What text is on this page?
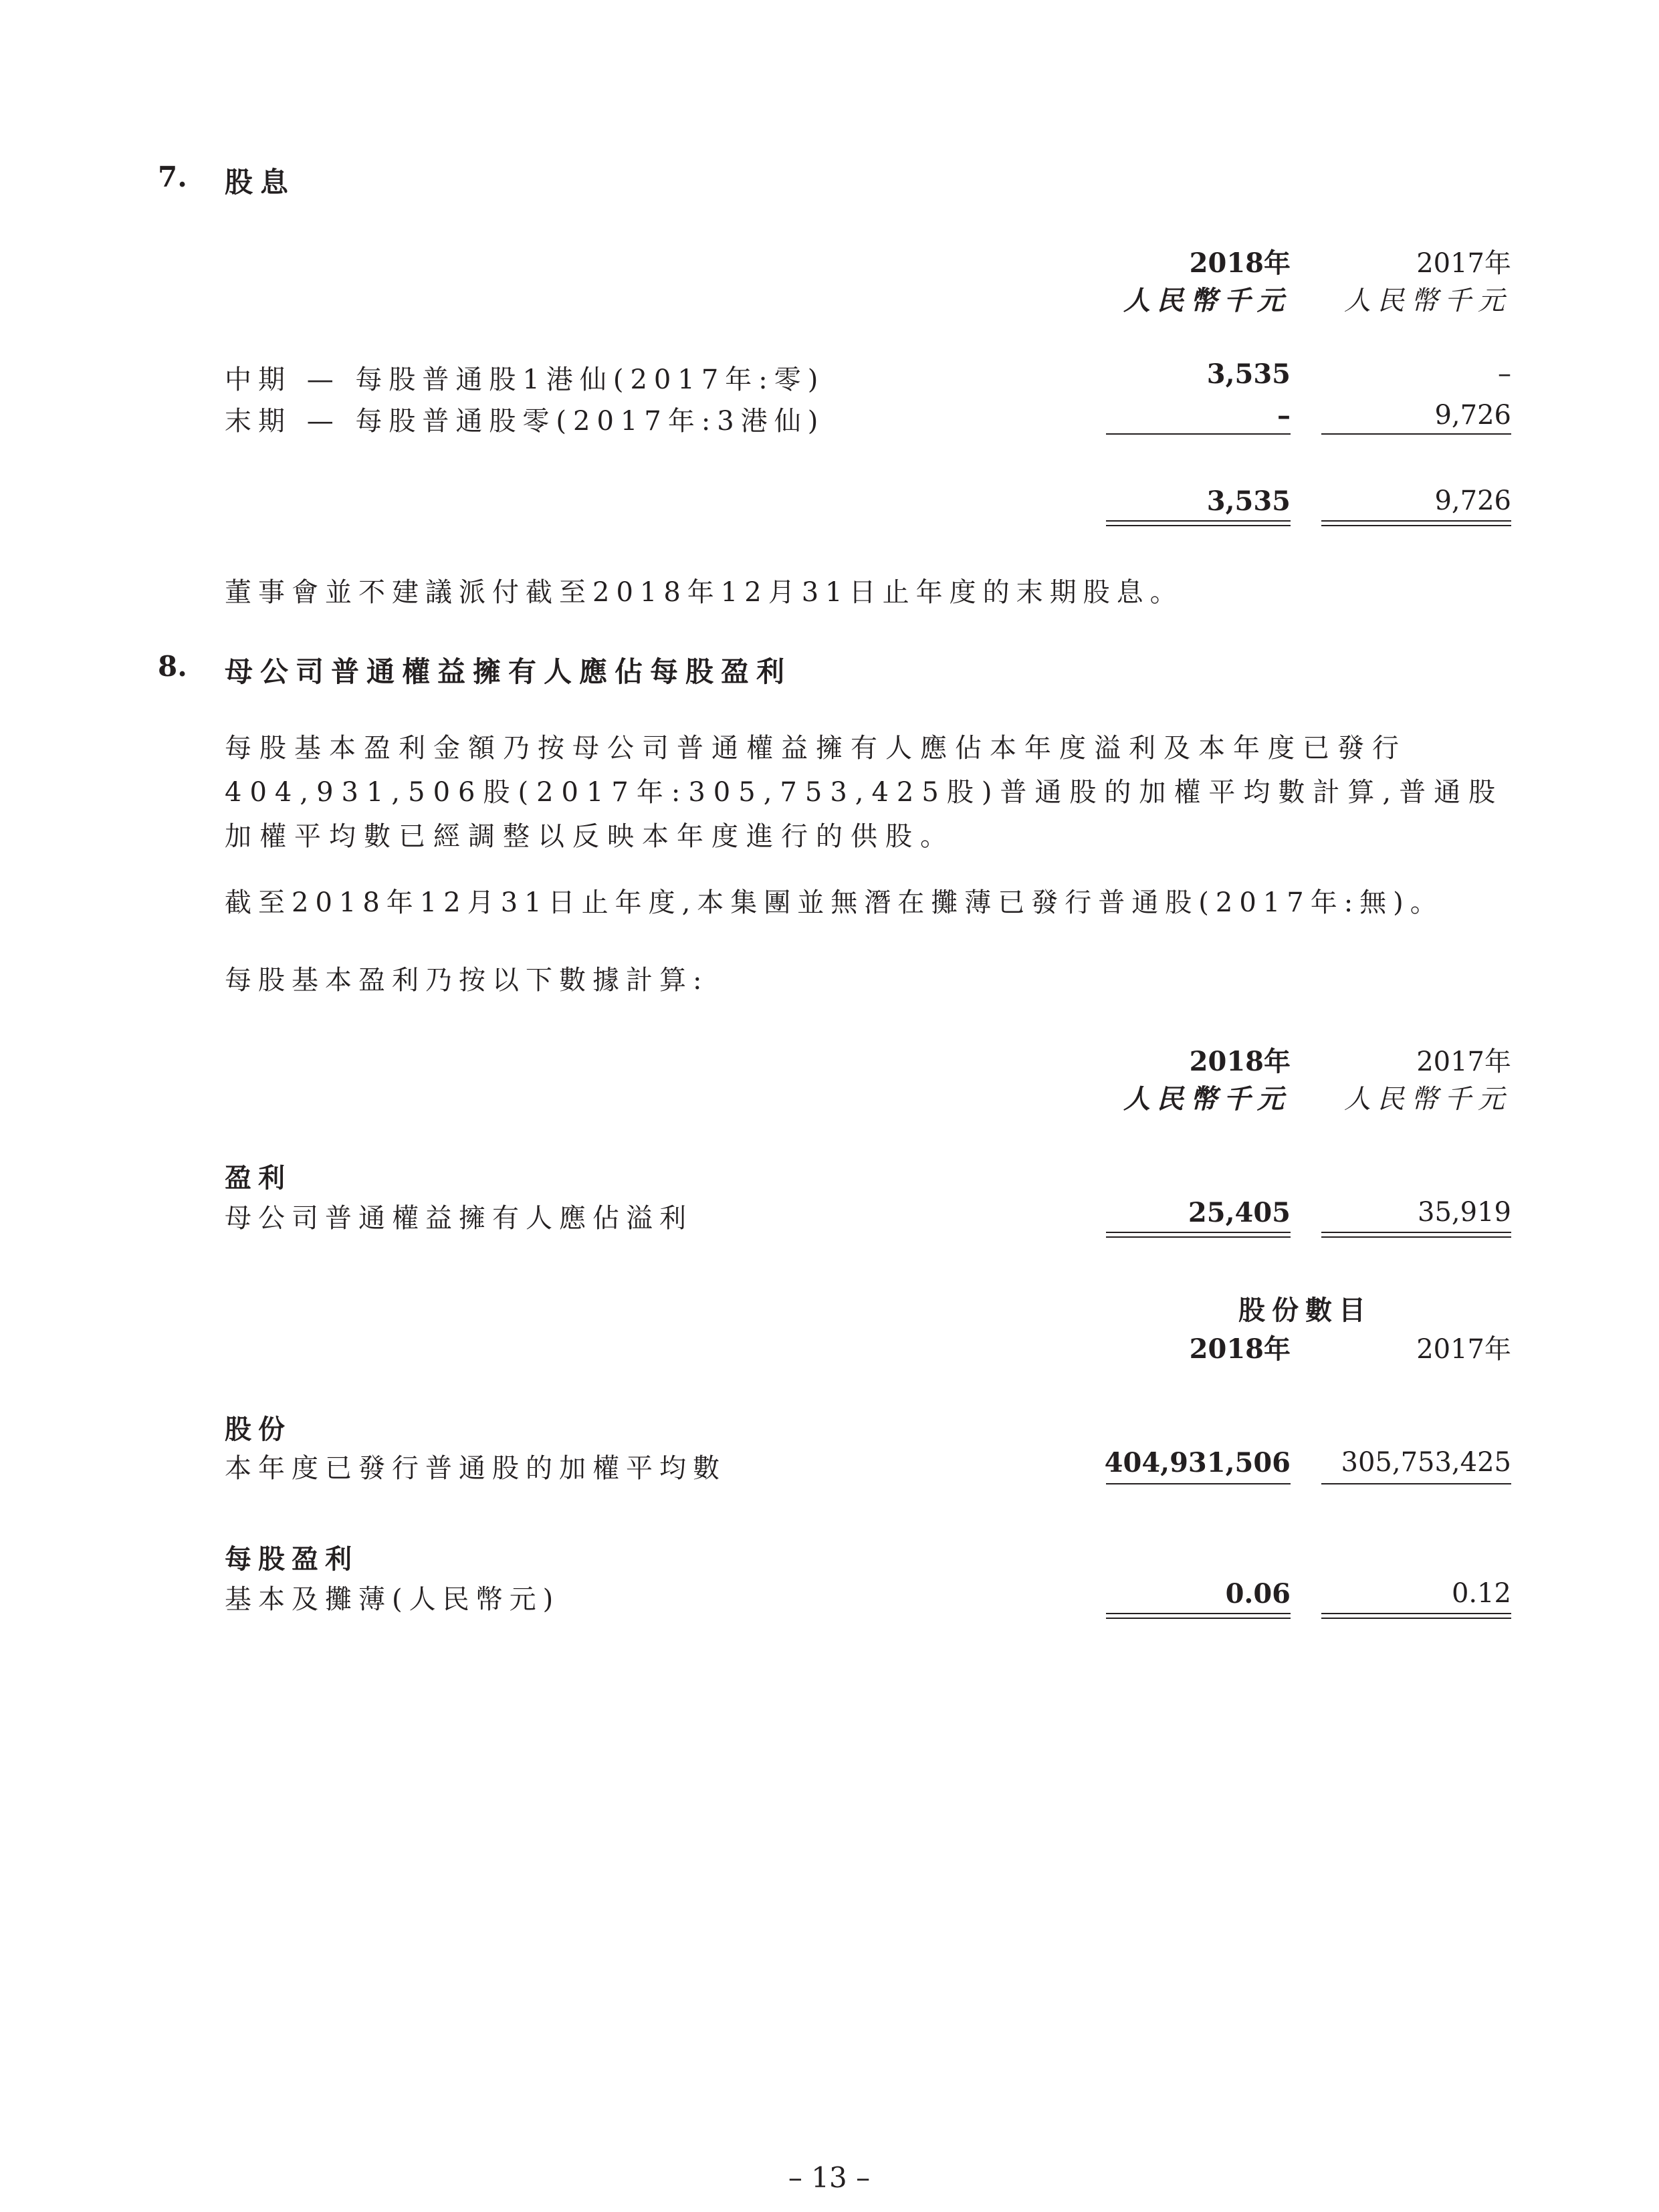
7. 股息
2018年	2017年
人民幣千元	人民幣千元
中期 — 每股普通股1港仙(2017年:零)	3,535	–
末期 — 每股普通股零(2017年:3港仙)	–	9,726
3,535	9,726
董事會並不建議派付截至2018年12月31日止年度的末期股息。
8. 母公司普通權益擁有人應佔每股盈利
每股基本盈利金額乃按母公司普通權益擁有人應佔本年度溢利及本年度已發行404,931,506股(2017年:305,753,425股)普通股的加權平均數計算,普通股加權平均數已經調整以反映本年度進行的供股。
截至2018年12月31日止年度,本集團並無潛在攤薄已發行普通股(2017年:無)。
每股基本盈利乃按以下數據計算:
2018年	2017年
人民幣千元	人民幣千元
盈利
母公司普通權益擁有人應佔溢利	25,405	35,919
股份數目
2018年	2017年
股份
本年度已發行普通股的加權平均數	404,931,506	305,753,425
每股盈利
基本及攤薄(人民幣元)	0.06	0.12
– 13 –
